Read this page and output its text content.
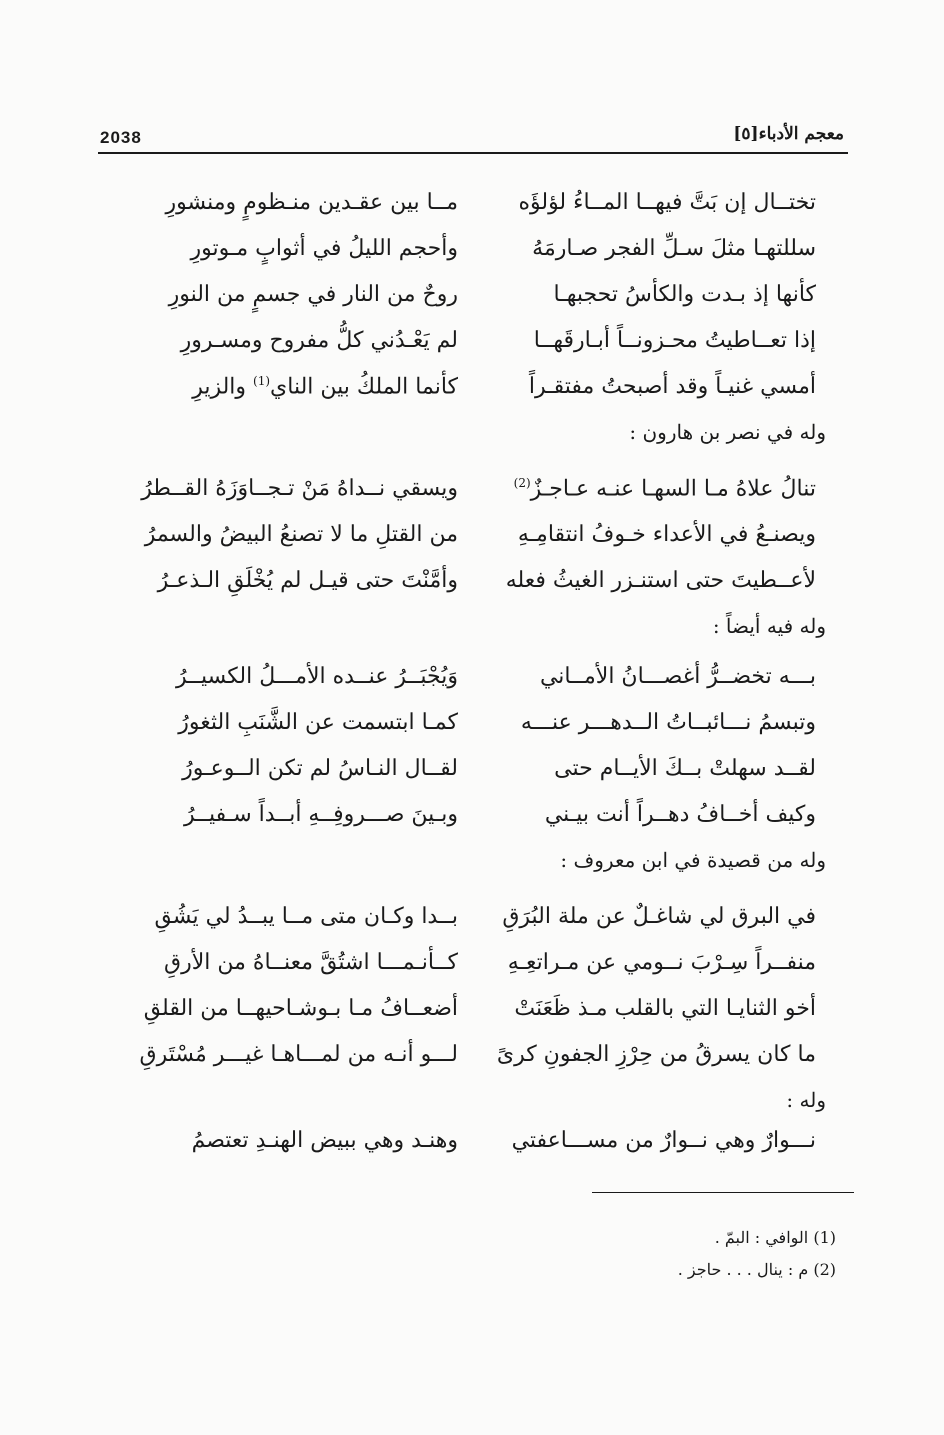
2038	معجم الأدباء[٥]
تختــال إن بَتَّ فيهــا المــاءُ لؤلؤَه
مــا بين عقـدين منـظومٍ ومنشورِ
سللتهـا مثلَ سـلِّ الفجر صـارمَهُ
وأحجم الليلُ في أثوابٍ مـوتورِ
كأنها إذ بـدت والكأسُ تحجبهـا
روحٌ من النار في جسمٍ من النورِ
إذا تعــاطيتُ محـزونــاً أبـارقَهــا
لم يَعْـدُني كلُّ مفروح ومسـرورِ
أمسي غنيـاً وقد أصبحتُ مفتقـراً
كأنما الملكُ بين الناي$^{(1)}$ والزيرِ
وله في نصر بن هارون :
تنالُ علاهُ مـا السهـا عنـه عـاجـزٌ$^{(2)}$
ويسقي نــداهُ مَنْ تـجــاوَزَهُ القــطرُ
ويصنـعُ في الأعداء خـوفُ انتقامِـهِ
من القتلِ ما لا تصنعُ البيضُ والسمرُ
لأعــطيتَ حتى استنـزر الغيثُ فعله
وأمَّنْتَ حتى قيـل لم يُخْلَقِ الـذعـرُ
وله فيه أيضاً :
بـــه تخضــرُّ أغصـــانُ الأمــاني
وَيُجْبَــرُ عنــده الأمـــلُ الكسيــرُ
وتبسمُ نـــائبــاتُ الــدهـــر عنـــه
كمـا ابتسمت عن الشَّنَبِ الثغورُ
لقــد سهلتْ بــكَ الأيــام حتى
لقــال النـاسُ لم تكن الــوعـورُ
وكيف أخــافُ دهــراً أنت بيـني
وبـينَ صـــروفِــهِ أبــداً سـفيــرُ
وله من قصيدة في ابن معروف :
في البرق لي شاغـلٌ عن ملة البُرَقِ
بــدا وكـان متى مــا يبــدُ لي يَشُقِ
منفــراً سِـرْبَ نــومي عن مـراتعِـهِ
كــأنـمـــا اشتُقَّ معنــاهُ من الأرقِ
أخو الثنايـا التي بالقلب مـذ ظَعَنَتْ
أضعــافُ مـا بـوشـاحيهــا من القلقِ
ما كان يسرقُ من حِرْزِ الجفونِ كرىً
لـــو أنـه من لمـــاهـا غيـــر مُسْتَرقِ
وله :
نـــوارٌ وهي نــوارٌ من مســـاعفتي
وهنـد وهي ببيض الهنـدِ تعتصمُ
(1) الوافي : البمّ .
(2) م : ينال . . . حاجز .
